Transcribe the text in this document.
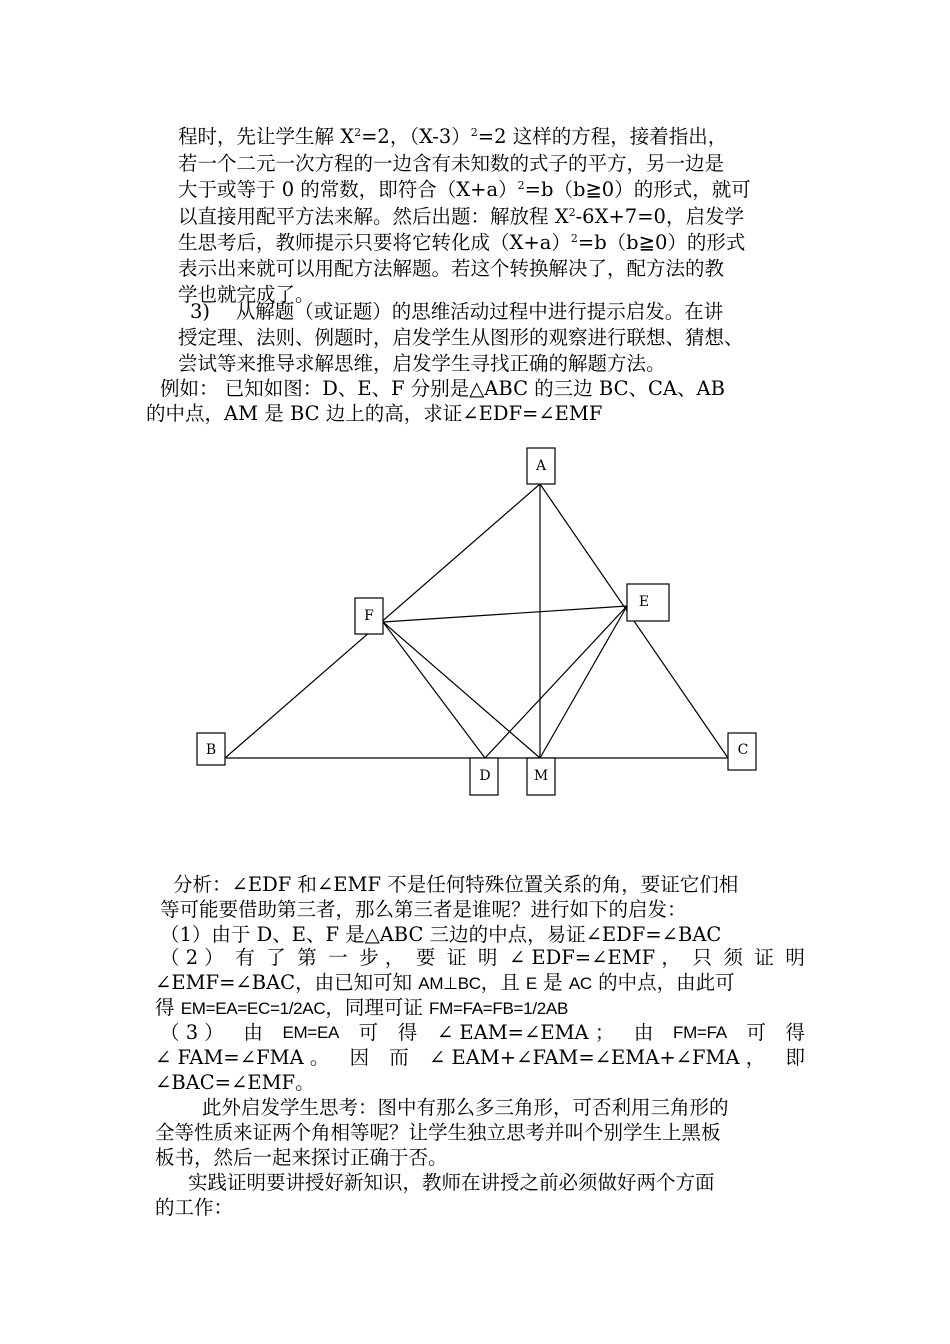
程时，先让学生解 $X^2=2$，$(X-3)^2=2$ 这样的方程，接着指出，
若一个二元一次方程的一边含有未知数的式子的平方，另一边是
大于或等于 0 的常数，即符合$(X+a)^2=b(b≧0)$的形式，就可
以直接用配平方法来解。然后出题：解放程 $X^2-6X+7=0$，启发学
生思考后，教师提示只要将它转化成$(X+a)^2=b(b≧0)$的形式
表示出来就可以用配方法解题。若这个转换解决了，配方法的教
学也就完成了。
3)　 从解题（或证题）的思维活动过程中进行提示启发。在讲
授定理、法则、例题时，启发学生从图形的观察进行联想、猜想、
尝试等来推导求解思维，启发学生寻找正确的解题方法。
例如： 已知如图：D、E、F 分别是△ABC 的三边 BC、CA、AB
的中点，AM 是 BC 边上的高，求证∠EDF=∠EMF
A
F
E
B	C
D	M
分析：∠EDF 和∠EMF 不是任何特殊位置关系的角，要证它们相
等可能要借助第三者，那么第三者是谁呢？进行如下的启发：
（1）由于 D、E、F 是△ABC 三边的中点，易证∠EDF=∠BAC
（ 2 ） 有 了 第 一 步 ， 要 证 明 ∠ EDF=∠EMF ， 只 须 证 明
∠EMF=∠BAC，由已知可知 AM⊥BC，且 E 是 AC 的中点，由此可
得 EM=EA=EC=1/2AC，同理可证 FM=FA=FB=1/2AB
（ 3 ） 由 EM=EA 可 得 ∠ EAM=∠EMA ； 由 FM=FA 可 得
∠ FAM=∠FMA 。 因 而 ∠ EAM+∠FAM=∠EMA+∠FMA ， 即
∠BAC=∠EMF。
此外启发学生思考：图中有那么多三角形，可否利用三角形的
全等性质来证两个角相等呢？让学生独立思考并叫个别学生上黑板
板书，然后一起来探讨正确于否。
实践证明要讲授好新知识，教师在讲授之前必须做好两个方面
的工作：
